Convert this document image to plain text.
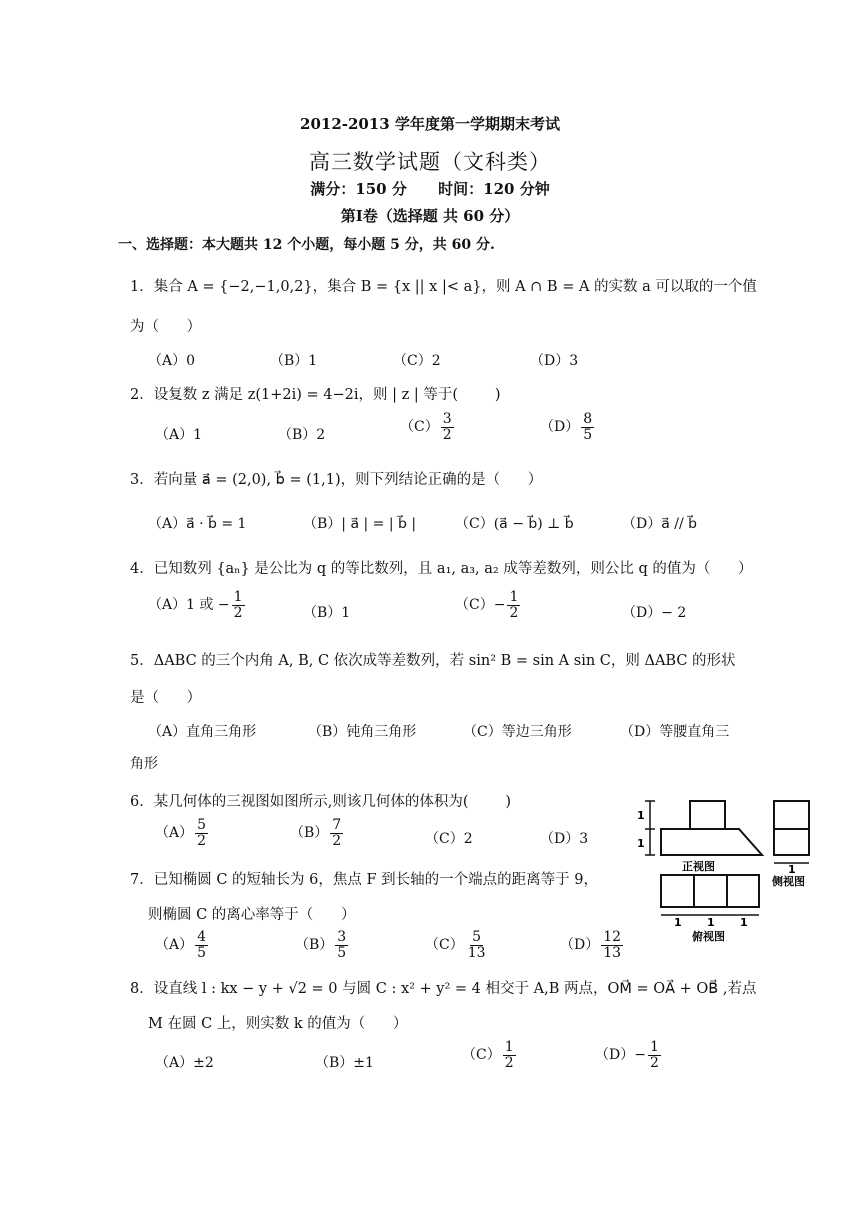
2012-2013 学年度第一学期期末考试
高三数学试题（文科类）
满分：150 分      时间：120 分钟
第Ⅰ卷（选择题 共 60 分）
一、选择题：本大题共 12 个小题，每小题 5 分，共 60 分.
1．集合 A = {−2,−1,0,2}，集合 B = {x || x |< a}，则 A ∩ B = A 的实数 a 可以取的一个值
为（      ）
（A）0	（B）1	（C）2	（D）3
2．设复数 z 满足 z(1+2i) = 4−2i，则 | z | 等于(        )
（A）1	（B）2	$(C) \frac{3}{2}$	$(D) \frac{8}{5}$
3．若向量 a⃗ = (2,0), b⃗ = (1,1)，则下列结论正确的是（      ）
（A）a⃗ · b⃗ = 1	（B）| a⃗ | = | b⃗ |	（C）(a⃗ − b⃗) ⊥ b⃗	（D）a⃗ // b⃗
4．已知数列 {aₙ} 是公比为 q 的等比数列，且 a₁, a₃, a₂ 成等差数列，则公比 q 的值为（      ）
（A）1 或 − $\frac{1}{2}$	（B）1	$(C)- \frac{1}{2}$	（D）− 2
5．ΔABC 的三个内角 A, B, C 依次成等差数列，若 sin² B = sin A sin C，则 ΔABC 的形状
是（      ）
（A）直角三角形	（B）钝角三角形	（C）等边三角形	（D）等腰直角三
角形
6．某几何体的三视图如图所示,则该几何体的体积为(        )
$(A) \frac{5}{2}$	$(B) \frac{7}{2}$	（C）2	（D）3
7．已知椭圆 C 的短轴长为 6，焦点 F 到长轴的一个端点的距离等于 9，
则椭圆 C 的离心率等于（      ）
$(A) \frac{4}{5}$	$(B) \frac{3}{5}$	$(C) \frac{5}{13}$	$(D) \frac{12}{13}$
8．设直线 l : kx − y + √2 = 0 与圆 C : x² + y² = 4 相交于 A,B 两点，OM⃗ = OA⃗ + OB⃗ ,若点
M 在圆 C 上，则实数 k 的值为（      ）
（A）±2	（B）±1	$(C) \frac{1}{2}$	$(D)- \frac{1}{2}$
1
1
正视图	1
侧视图
1 1 1
俯视图
